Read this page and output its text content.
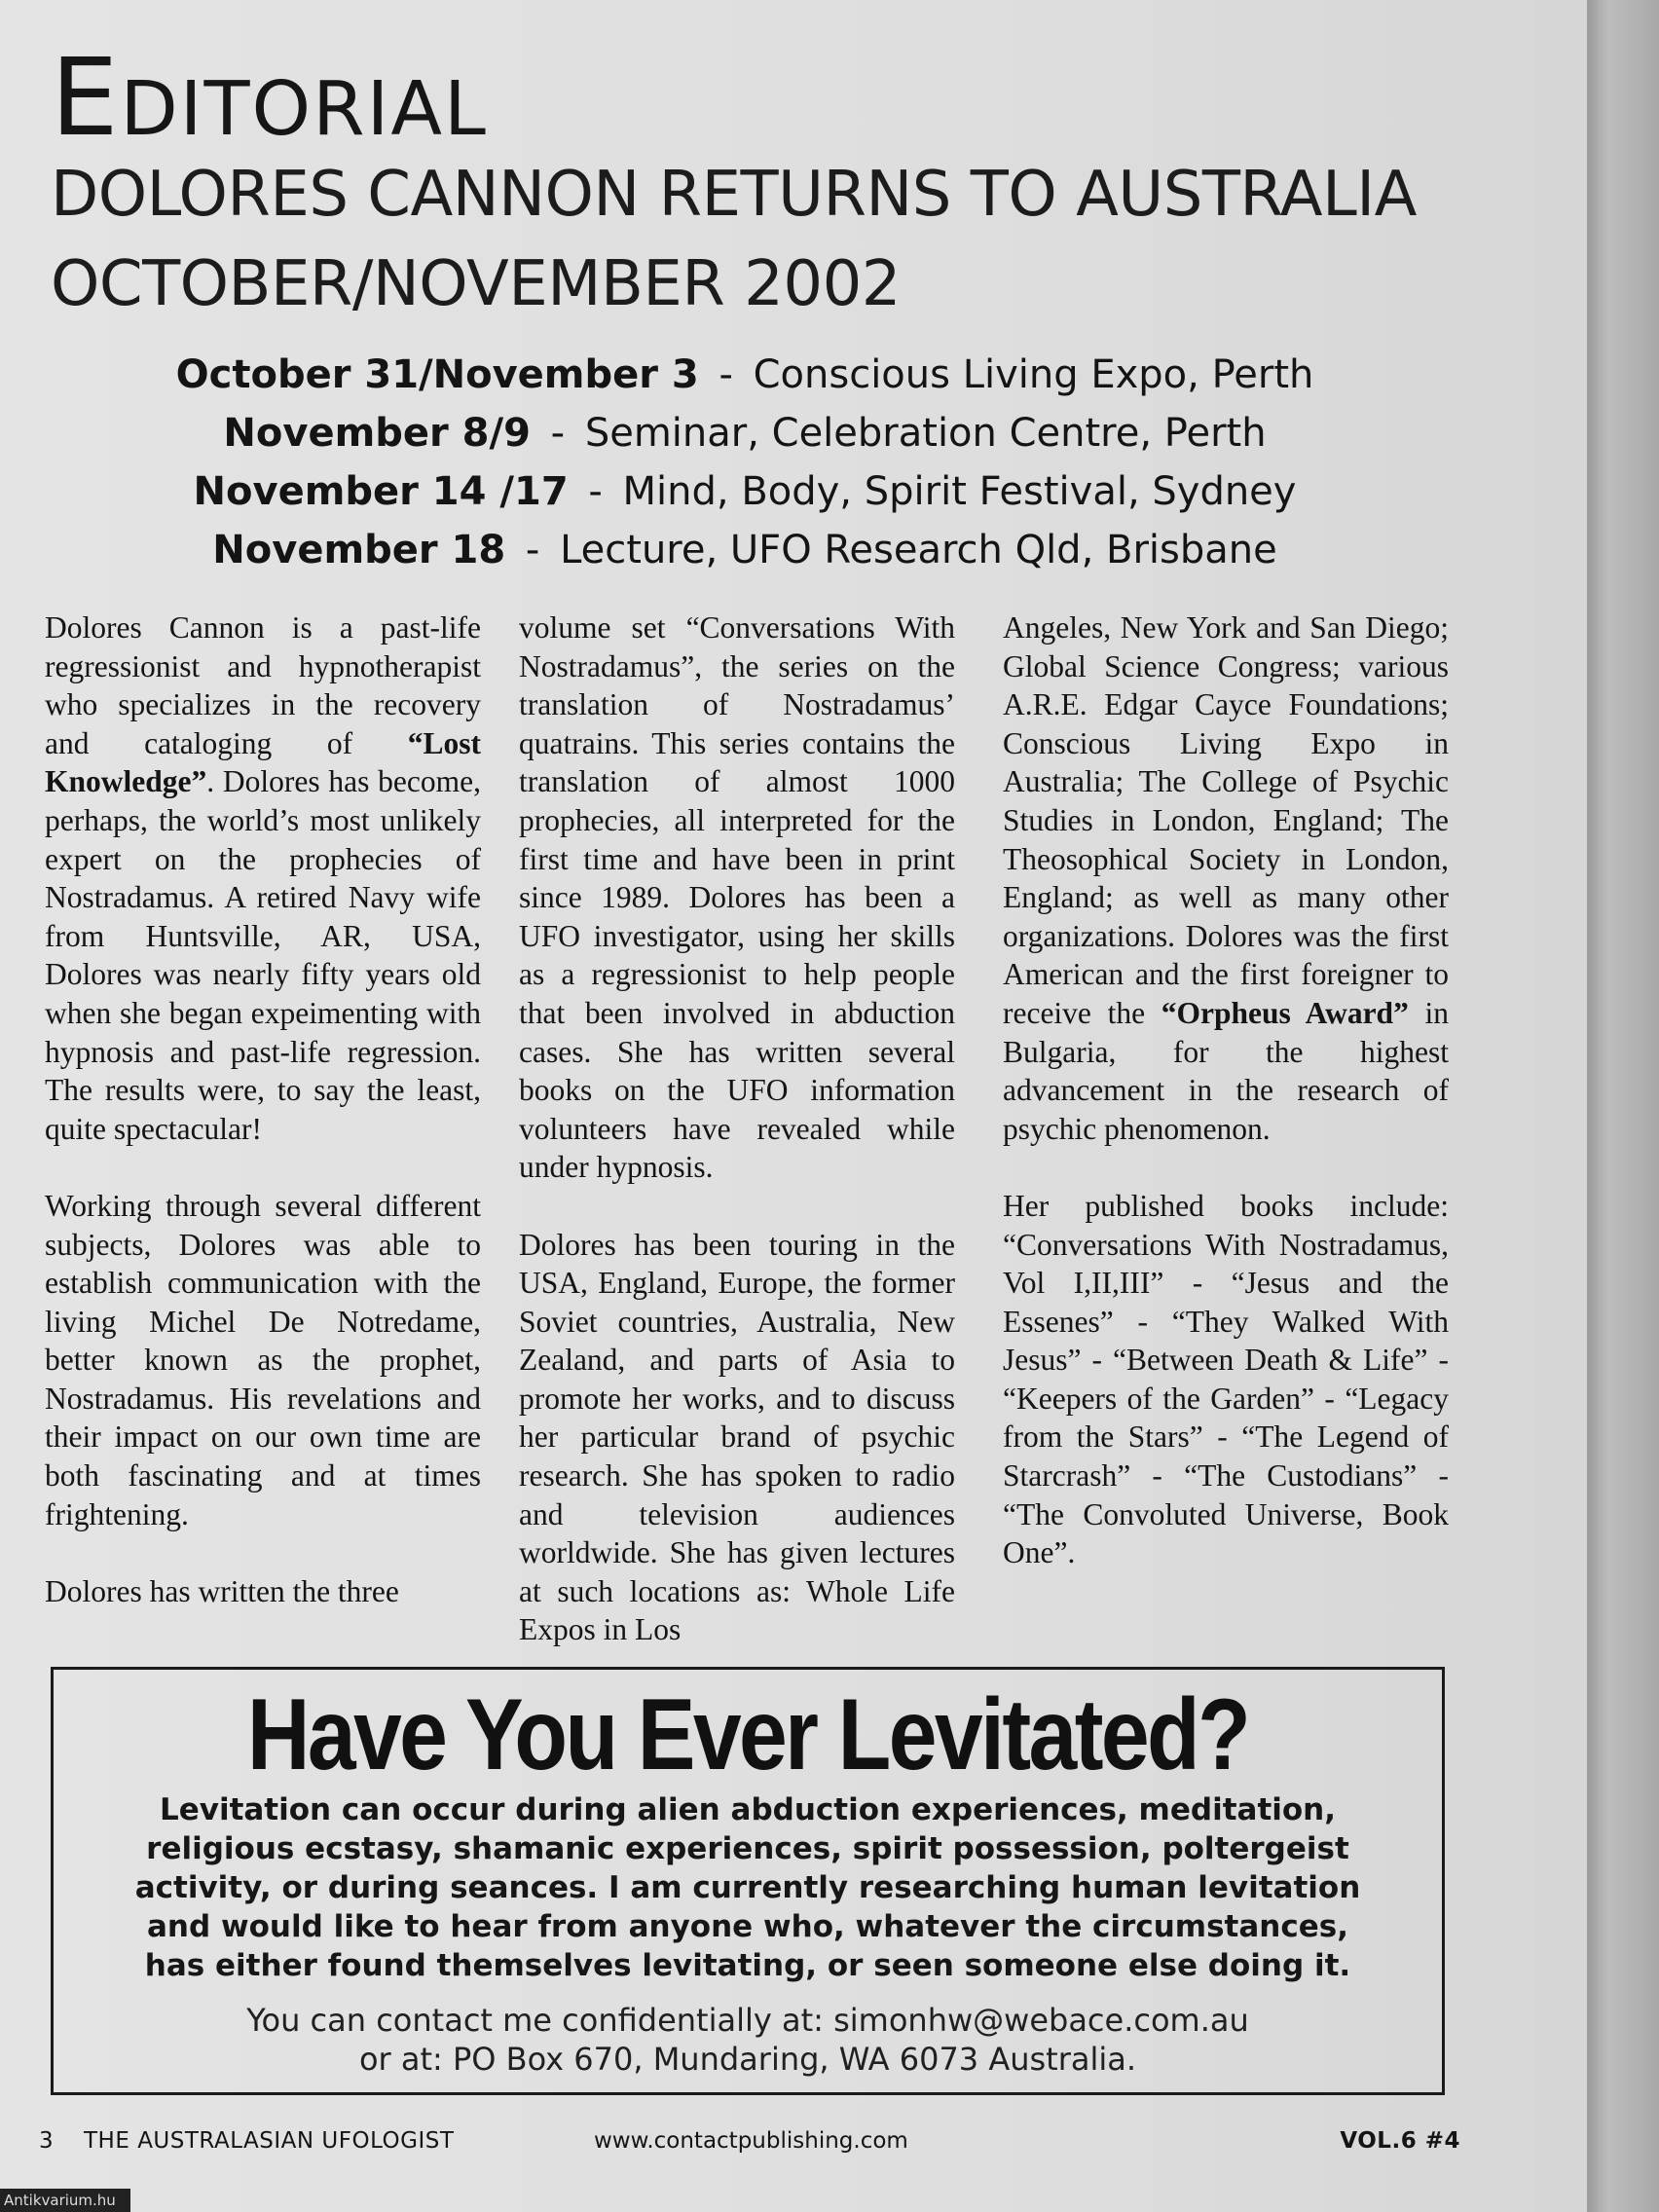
Editorial
DOLORES CANNON RETURNS TO AUSTRALIA
OCTOBER/NOVEMBER 2002
October 31/November 3 - Conscious Living Expo, Perth
November 8/9 - Seminar, Celebration Centre, Perth
November 14 /17 - Mind, Body, Spirit Festival, Sydney
November 18 - Lecture, UFO Research Qld, Brisbane

Dolores Cannon is a past-life regressionist and hypnotherapist who specializes in the recovery and cataloging of “Lost Knowledge”. Dolores has become, perhaps, the world’s most unlikely expert on the prophecies of Nostradamus. A retired Navy wife from Huntsville, AR, USA, Dolores was nearly fifty years old when she began expeimenting with hypnosis and past-life regression. The results were, to say the least, quite spectacular!

Working through several different subjects, Dolores was able to establish communication with the living Michel De Notredame, better known as the prophet, Nostradamus. His revelations and their impact on our own time are both fascinating and at times frightening.

Dolores has written the three

volume set “Conversations With Nostradamus”, the series on the translation of Nostradamus’ quatrains. This series contains the translation of almost 1000 prophecies, all interpreted for the first time and have been in print since 1989. Dolores has been a UFO investigator, using her skills as a regressionist to help people that been involved in abduction cases. She has written several books on the UFO information volunteers have revealed while under hypnosis.

Dolores has been touring in the USA, England, Europe, the former Soviet countries, Australia, New Zealand, and parts of Asia to promote her works, and to discuss her particular brand of psychic research. She has spoken to radio and television audiences worldwide. She has given lectures at such locations as: Whole Life Expos in Los

Angeles, New York and San Diego; Global Science Congress; various A.R.E. Edgar Cayce Foundations; Conscious Living Expo in Australia; The College of Psychic Studies in London, England; The Theosophical Society in London, England; as well as many other organizations. Dolores was the first American and the first foreigner to receive the “Orpheus Award” in Bulgaria, for the highest advancement in the research of psychic phenomenon.

Her published books include: “Conversations With Nostradamus, Vol I,II,III” - “Jesus and the Essenes” - “They Walked With Jesus” - “Between Death & Life” - “Keepers of the Garden” - “Legacy from the Stars” - “The Legend of Starcrash” - “The Custodians” - “The Convoluted Universe, Book One”.

Have You Ever Levitated?
Levitation can occur during alien abduction experiences, meditation, religious ecstasy, shamanic experiences, spirit possession, poltergeist activity, or during seances. I am currently researching human levitation and would like to hear from anyone who, whatever the circumstances, has either found themselves levitating, or seen someone else doing it.
You can contact me confidentially at: simonhw@webace.com.au
or at: PO Box 670, Mundaring, WA 6073 Australia.
3 THE AUSTRALASIAN UFOLOGIST	www.contactpublishing.com	VOL.6 #4
Antikvarium.hu
